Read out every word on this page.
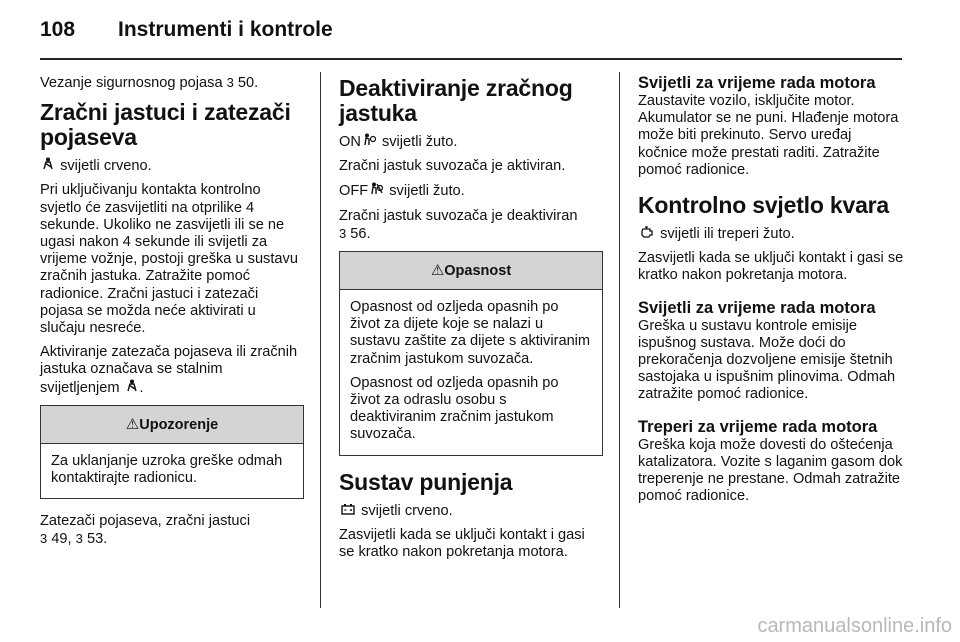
108 Instrumenti i kontrole

Vezanje sigurnosnog pojasa 3 50.

Zračni jastuci i zatezači pojaseva

svijetli crveno.

Pri uključivanju kontakta kontrolno svjetlo će zasvijetliti na otprilike 4 sekunde. Ukoliko ne zasvijetli ili se ne ugasi nakon 4 sekunde ili svijetli za vrijeme vožnje, postoji greška u sustavu zračnih jastuka. Zatražite pomoć radionice. Zračni jastuci i zatezači pojasa se možda neće aktivirati u slučaju nesreće.

Aktiviranje zatezača pojaseva ili zračnih jastuka označava se stalnim svijetljenjem .

⚠Upozorenje

Za uklanjanje uzroka greške odmah kontaktirajte radionicu.

Zatezači pojaseva, zračni jastuci
3 49, 3 53.

Deaktiviranje zračnog jastuka

ON svijetli žuto.

Zračni jastuk suvozača je aktiviran.

OFF svijetli žuto.

Zračni jastuk suvozača je deaktiviran
3 56.

⚠Opasnost

Opasnost od ozljeda opasnih po život za dijete koje se nalazi u sustavu zaštite za dijete s aktiviranim zračnim jastukom suvozača.

Opasnost od ozljeda opasnih po život za odraslu osobu s deaktiviranim zračnim jastukom suvozača.

Sustav punjenja

svijetli crveno.

Zasvijetli kada se uključi kontakt i gasi se kratko nakon pokretanja motora.

Svijetli za vrijeme rada motora

Zaustavite vozilo, isključite motor. Akumulator se ne puni. Hlađenje motora može biti prekinuto. Servo uređaj kočnice može prestati raditi. Zatražite pomoć radionice.

Kontrolno svjetlo kvara

svijetli ili treperi žuto.

Zasvijetli kada se uključi kontakt i gasi se kratko nakon pokretanja motora.

Svijetli za vrijeme rada motora

Greška u sustavu kontrole emisije ispušnog sustava. Može doći do prekoračenja dozvoljene emisije štetnih sastojaka u ispušnim plinovima. Odmah zatražite pomoć radionice.

Treperi za vrijeme rada motora

Greška koja može dovesti do oštećenja katalizatora. Vozite s laganim gasom dok treperenje ne prestane. Odmah zatražite pomoć radionice.

carmanualsonline.info
